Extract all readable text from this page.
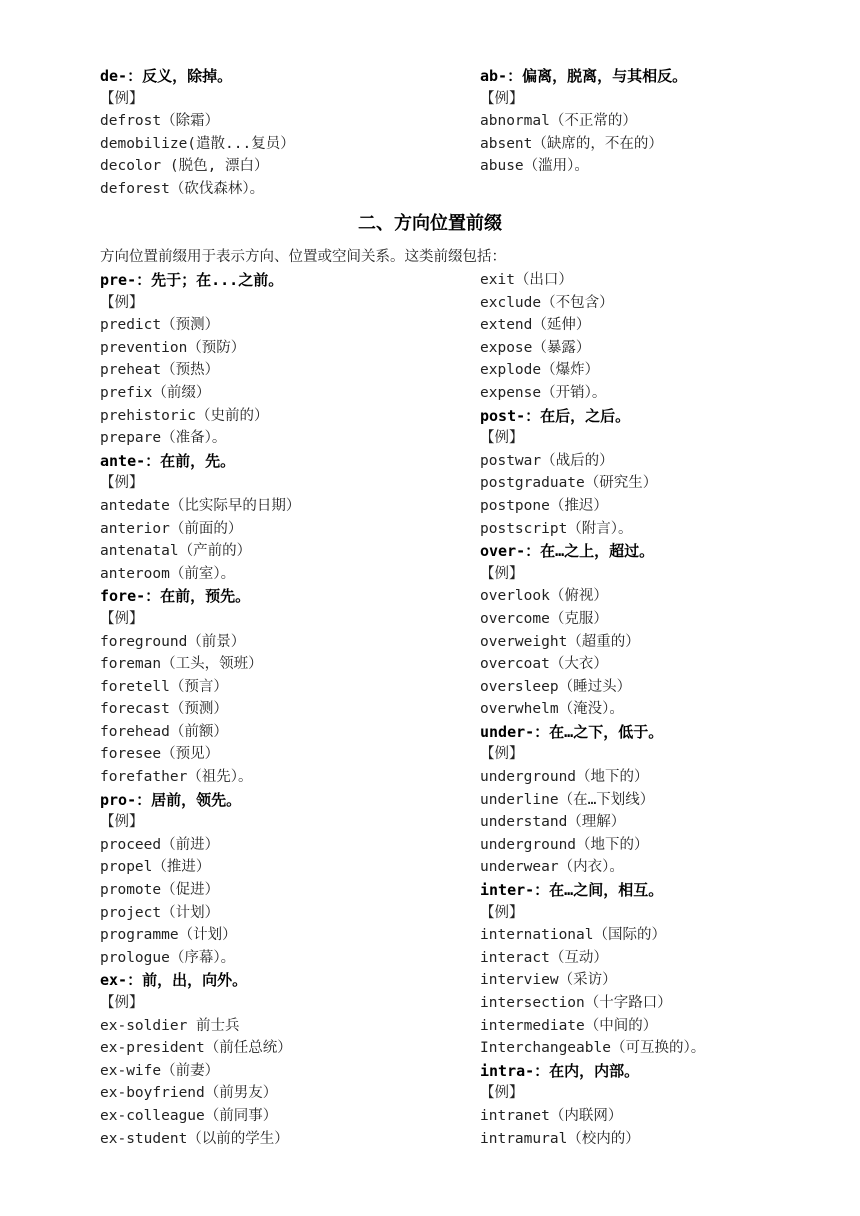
de-：反义，除掉。
【例】
defrost（除霜）
demobilize(遣散...复员）
decolor (脱色, 漂白）
deforest（砍伐森林）。
ab-：偏离，脱离，与其相反。
【例】
abnormal（不正常的）
absent（缺席的，不在的）
abuse（滥用）。
二、方向位置前缀
方向位置前缀用于表示方向、位置或空间关系。这类前缀包括：
pre-：先于；在...之前。
【例】
predict（预测）
prevention（预防）
preheat（预热）
prefix（前缀）
prehistoric（史前的）
prepare（准备）。
ante-：在前，先。
【例】
antedate（比实际早的日期）
anterior（前面的）
antenatal（产前的）
anteroom（前室）。
fore-：在前，预先。
【例】
foreground（前景）
foreman（工头，领班）
foretell（预言）
forecast（预测）
forehead（前额）
foresee（预见）
forefather（祖先）。
pro-：居前，领先。
【例】
proceed（前进）
propel（推进）
promote（促进）
project（计划）
programme（计划）
prologue（序幕）。
ex-：前，出，向外。
【例】
ex-soldier 前士兵
ex-president（前任总统）
ex-wife（前妻）
ex-boyfriend（前男友）
ex-colleague（前同事）
ex-student（以前的学生）
exit（出口）
exclude（不包含）
extend（延伸）
expose（暴露）
explode（爆炸）
expense（开销）。
post-：在后，之后。
【例】
postwar（战后的）
postgraduate（研究生）
postpone（推迟）
postscript（附言）。
over-：在…之上，超过。
【例】
overlook（俯视）
overcome（克服）
overweight（超重的）
overcoat（大衣）
oversleep（睡过头）
overwhelm（淹没）。
under-：在…之下，低于。
【例】
underground（地下的）
underline（在…下划线）
understand（理解）
underground（地下的）
underwear（内衣）。
inter-：在…之间，相互。
【例】
international（国际的）
interact（互动）
interview（采访）
intersection（十字路口）
intermediate（中间的）
Interchangeable（可互换的）。
intra-：在内，内部。
【例】
intranet（内联网）
intramural（校内的）
